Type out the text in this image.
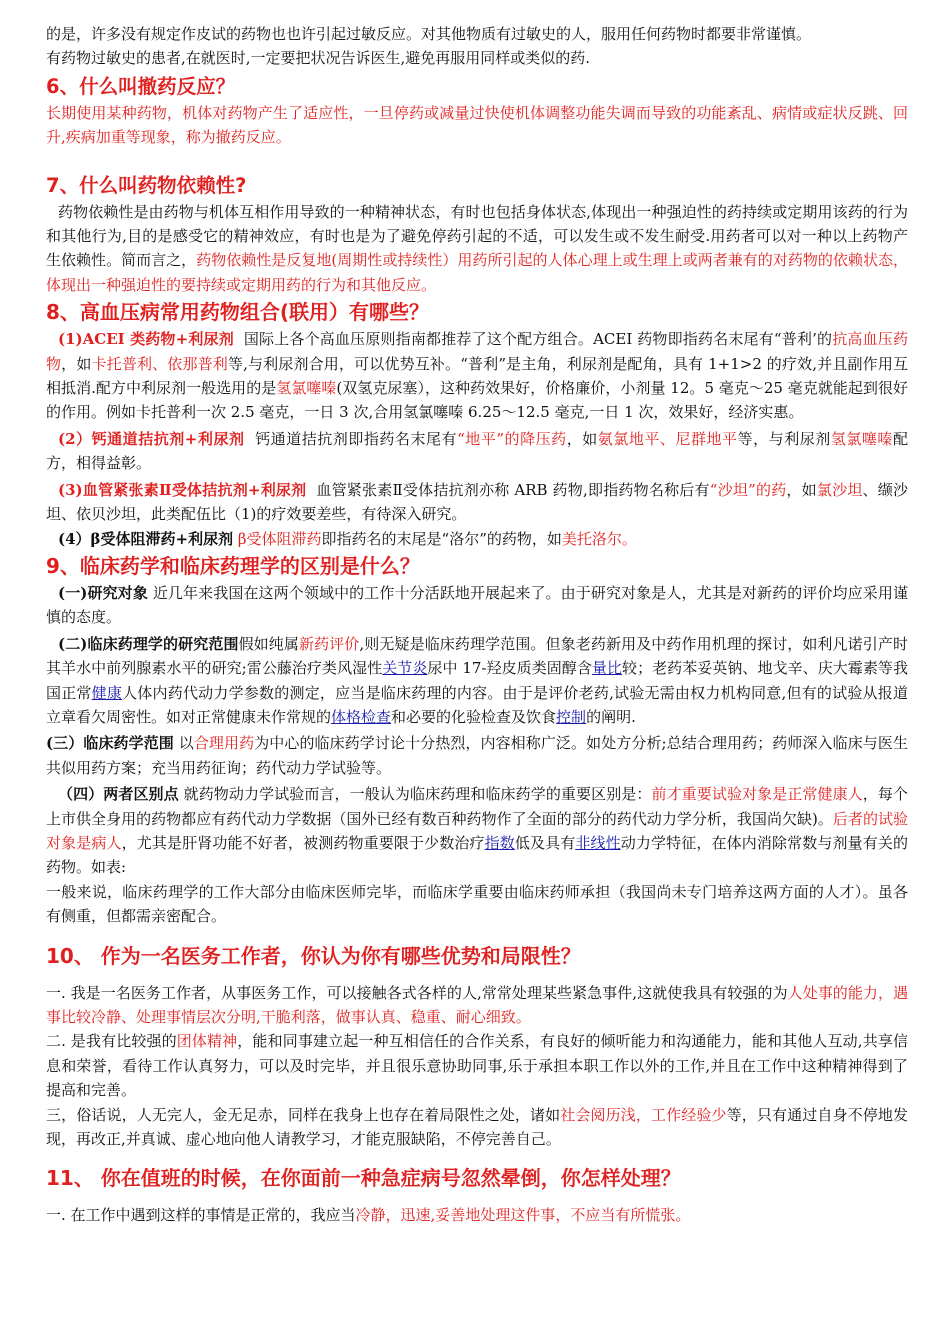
的是，许多没有规定作皮试的药物也也许引起过敏反应。对其他物质有过敏史的人，服用任何药物时都要非常谨慎。
有药物过敏史的患者,在就医时,一定要把状况告诉医生,避免再服用同样或类似的药.

6、什么叫撤药反应？

长期使用某种药物，机体对药物产生了适应性，一旦停药或减量过快使机体调整功能失调而导致的功能紊乱、病情或症状反跳、回升,疾病加重等现象，称为撤药反应。

7、什么叫药物依赖性?

药物依赖性是由药物与机体互相作用导致的一种精神状态，有时也包括身体状态,体现出一种强迫性的药持续或定期用该药的行为和其他行为,目的是感受它的精神效应，有时也是为了避免停药引起的不适，可以发生或不发生耐受.用药者可以对一种以上药物产生依赖性。简而言之，药物依赖性是反复地(周期性或持续性）用药所引起的人体心理上或生理上或两者兼有的对药物的依赖状态，体现出一种强迫性的要持续或定期用药的行为和其他反应。

8、高血压病常用药物组合(联用）有哪些？

(1)ACEI 类药物+利尿剂 国际上各个高血压原则指南都推荐了这个配方组合。ACEI 药物即指药名末尾有“普利’的抗高血压药物，如卡托普利、依那普利等,与利尿剂合用，可以优势互补。“普利”是主角，利尿剂是配角，具有 1+1>2 的疗效,并且副作用互相抵消.配方中利尿剂一般选用的是氢氯噻嗪(双氢克尿塞），这种药效果好，价格廉价，小剂量 12。5 毫克～25 毫克就能起到很好的作用。例如卡托普利一次 2.5 毫克，一日 3 次,合用氢氯噻嗪 6.25～12.5 毫克,一日 1 次，效果好，经济实惠。

(2）钙通道拮抗剂+利尿剂 钙通道拮抗剂即指药名末尾有“地平”的降压药，如氨氯地平、尼群地平等，与利尿剂氢氯噻嗪配方，相得益彰。

(3)血管紧张素Ⅱ受体拮抗剂+利尿剂 血管紧张素Ⅱ受体拮抗剂亦称 ARB 药物,即指药物名称后有“沙坦”的药，如氯沙坦、缬沙坦、依贝沙坦，此类配伍比（1)的疗效要差些，有待深入研究。

(4）β受体阻滞药+利尿剂 β受体阻滞药即指药名的末尾是“洛尔”的药物，如美托洛尔。

9、临床药学和临床药理学的区别是什么？

(一)研究对象 近几年来我国在这两个领域中的工作十分活跃地开展起来了。由于研究对象是人，尤其是对新药的评价均应采用谨慎的态度。

(二)临床药理学的研究范围假如纯属新药评价,则无疑是临床药理学范围。但象老药新用及中药作用机理的探讨，如利凡诺引产时其羊水中前列腺素水平的研究;雷公藤治疗类风湿性关节炎尿中 17-羟皮质类固醇含量比较；老药苯妥英钠、地戈辛、庆大霉素等我国正常健康人体内药代动力学参数的测定，应当是临床药理的内容。由于是评价老药,试验无需由权力机构同意,但有的试验从报道立章看欠周密性。如对正常健康未作常规的体格检查和必要的化验检查及饮食控制的阐明.

(三）临床药学范围 以合理用药为中心的临床药学讨论十分热烈，内容相称广泛。如处方分析;总结合理用药；药师深入临床与医生共似用药方案；充当用药征询；药代动力学试验等。

（四）两者区别点 就药物动力学试验而言，一般认为临床药理和临床药学的重要区别是：前才重要试验对象是正常健康人，每个上市供全身用的药物都应有药代动力学数据（国外已经有数百种药物作了全面的部分的药代动力学分析，我国尚欠缺)。后者的试验对象是病人，尤其是肝肾功能不好者，被测药物重要限于少数治疗指数低及具有非线性动力学特征，在体内消除常数与剂量有关的药物。如表:

一般来说，临床药理学的工作大部分由临床医师完毕，而临床学重要由临床药师承担（我国尚未专门培养这两方面的人才）。虽各有侧重，但都需亲密配合。

10、 作为一名医务工作者，你认为你有哪些优势和局限性？

一. 我是一名医务工作者，从事医务工作，可以接触各式各样的人,常常处理某些紧急事件,这就使我具有较强的为人处事的能力，遇事比较冷静、处理事情层次分明,干脆利落，做事认真、稳重、耐心细致。

二. 是我有比较强的团体精神，能和同事建立起一种互相信任的合作关系，有良好的倾听能力和沟通能力，能和其他人互动,共享信息和荣誉，看待工作认真努力，可以及时完毕，并且很乐意协助同事,乐于承担本职工作以外的工作,并且在工作中这种精神得到了提高和完善。

三，俗话说，人无完人，金无足赤，同样在我身上也存在着局限性之处，诸如社会阅历浅，工作经验少等，只有通过自身不停地发现，再改正,并真诚、虚心地向他人请教学习，才能克服缺陷，不停完善自己。

11、 你在值班的时候，在你面前一种急症病号忽然晕倒，你怎样处理？

一. 在工作中遇到这样的事情是正常的，我应当冷静，迅速,妥善地处理这件事，不应当有所慌张。
